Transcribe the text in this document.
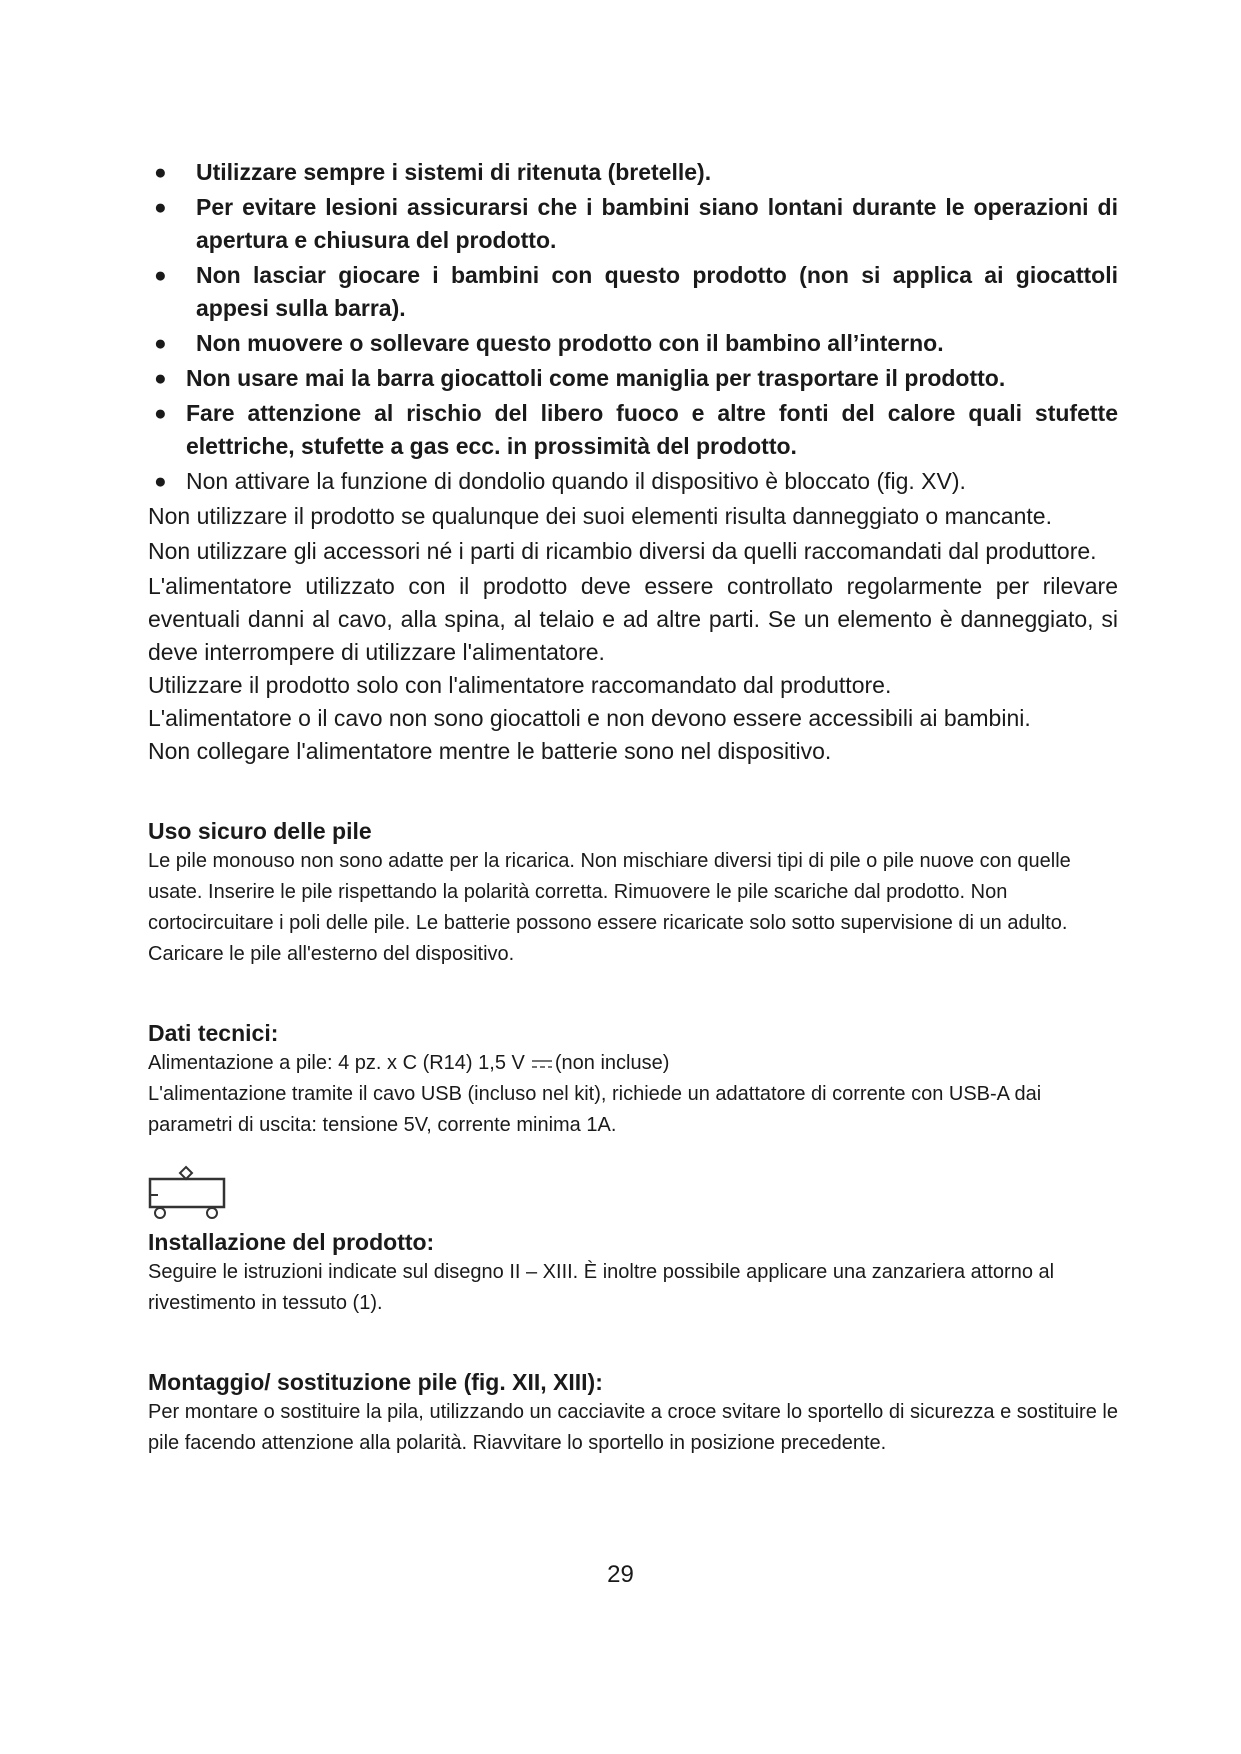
● Utilizzare sempre i sistemi di ritenuta (bretelle).
● Per evitare lesioni assicurarsi che i bambini siano lontani durante le operazioni di apertura e chiusura del prodotto.
● Non lasciar giocare i bambini con questo prodotto (non si applica ai giocattoli appesi sulla barra).
● Non muovere o sollevare questo prodotto con il bambino all’interno.
● Non usare mai la barra giocattoli come maniglia per trasportare il prodotto.
● Fare attenzione al rischio del libero fuoco e altre fonti del calore quali stufette elettriche, stufette a gas ecc. in prossimità del prodotto.
● Non attivare la funzione di dondolio quando il dispositivo è bloccato (fig. XV).

Non utilizzare il prodotto se qualunque dei suoi elementi risulta danneggiato o mancante.

Non utilizzare gli accessori né i parti di ricambio diversi da quelli raccomandati dal produttore.

L'alimentatore utilizzato con il prodotto deve essere controllato regolarmente per rilevare eventuali danni al cavo, alla spina, al telaio e ad altre parti. Se un elemento è danneggiato, si deve interrompere di utilizzare l'alimentatore.

Utilizzare il prodotto solo con l'alimentatore raccomandato dal produttore.

L'alimentatore o il cavo non sono giocattoli e non devono essere accessibili ai bambini.

Non collegare l'alimentatore mentre le batterie sono nel dispositivo.

Uso sicuro delle pile

Le pile monouso non sono adatte per la ricarica. Non mischiare diversi tipi di pile o pile nuove con quelle usate. Inserire le pile rispettando la polarità corretta. Rimuovere le pile scariche dal prodotto. Non cortocircuitare i poli delle pile. Le batterie possono essere ricaricate solo sotto supervisione di un adulto. Caricare le pile all'esterno del dispositivo.

Dati tecnici:

Alimentazione a pile: 4 pz. x C (R14) 1,5 V (non incluse)

L'alimentazione tramite il cavo USB (incluso nel kit), richiede un adattatore di corrente con USB-A dai parametri di uscita: tensione 5V, corrente minima 1A.

Installazione del prodotto:

Seguire le istruzioni indicate sul disegno II – XIII. È inoltre possibile applicare una zanzariera attorno al rivestimento in tessuto (1).

Montaggio/ sostituzione pile (fig. XII, XIII):

Per montare o sostituire la pila, utilizzando un cacciavite a croce svitare lo sportello di sicurezza e sostituire le pile facendo attenzione alla polarità. Riavvitare lo sportello in posizione precedente.

29
